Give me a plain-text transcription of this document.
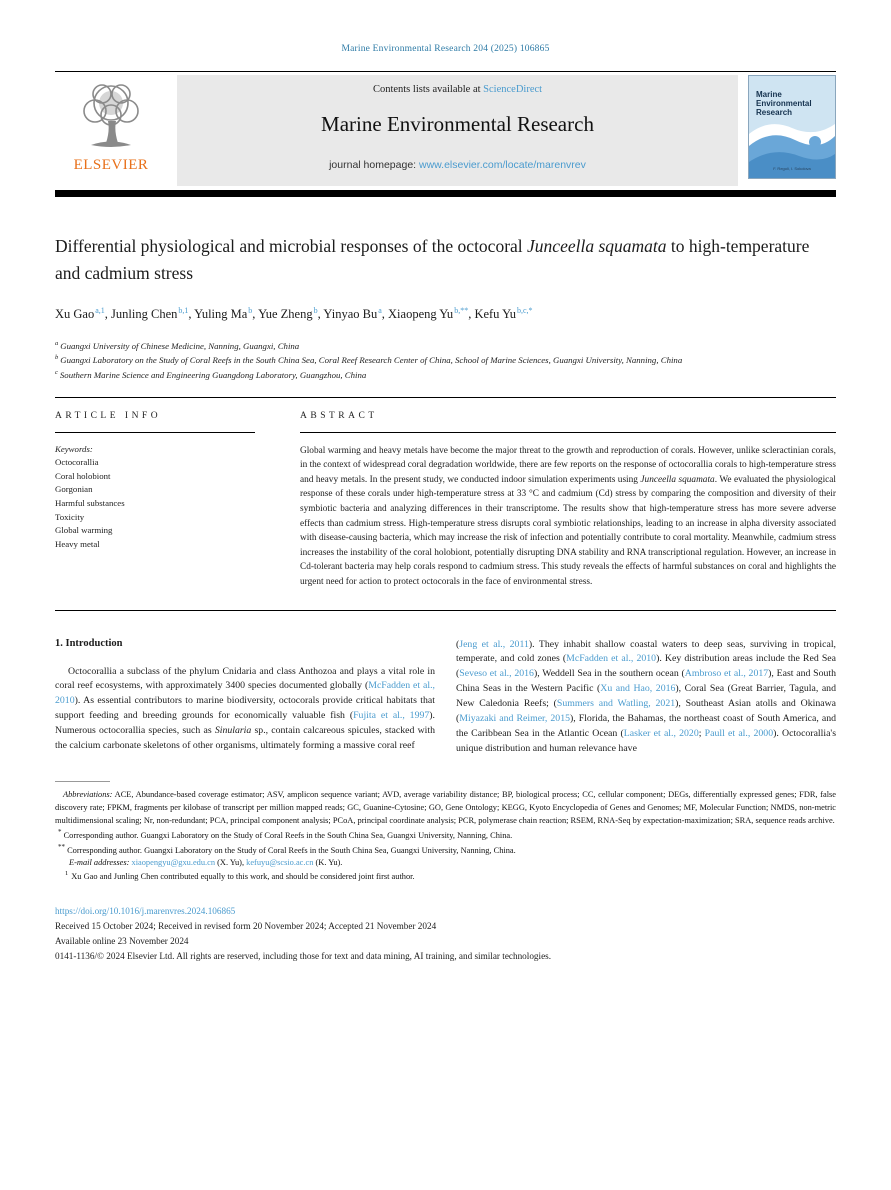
Marine Environmental Research 204 (2025) 106865
ELSEVIER
Contents lists available at ScienceDirect
Marine Environmental Research
journal homepage: www.elsevier.com/locate/marenvrev
Marine
Environmental
Research
F. Regoli, I. Sokolova
Differential physiological and microbial responses of the octocoral Junceella squamata to high-temperature and cadmium stress
Xu Gao$^{a,1}$, Junling Chen$^{b,1}$, Yuling Ma$^b$, Yue Zheng$^b$, Yinyao Bu$^a$, Xiaopeng $Yu^{b,**}$, Kefu $Yu^{b,c,*}$
$^a$ Guangxi University of Chinese Medicine, Nanning, Guangxi, China
$^b$ Guangxi Laboratory on the Study of Coral Reefs in the South China Sea, Coral Reef Research Center of China, School of Marine Sciences, Guangxi University, Nanning, China
$^c$ Southern Marine Science and Engineering Guangdong Laboratory, Guangzhou, China
ARTICLE INFO
Keywords:
Octocorallia
Coral holobiont
Gorgonian
Harmful substances
Toxicity
Global warming
Heavy metal
ABSTRACT
Global warming and heavy metals have become the major threat to the growth and reproduction of corals. However, unlike scleractinian corals, in the context of widespread coral degradation worldwide, there are few reports on the response of octocorallia corals to high-temperature stress and heavy metals. In the present study, we conducted indoor simulation experiments using Junceella squamata. We evaluated the physiological response of these corals under high-temperature stress at 33 °C and cadmium (Cd) stress by comparing the composition and diversity of their symbiotic bacteria and analyzing differences in their transcriptome. The results show that high-temperature stress has more severe adverse effects than cadmium stress. High-temperature stress disrupts coral symbiotic relationships, leading to an increase in alpha diversity associated with disease-causing bacteria, which may increase the risk of infection and potentially contribute to coral mortality. Meanwhile, cadmium stress increases the instability of the coral holobiont, potentially disrupting DNA stability and RNA transcriptional regulation. However, an increase in Cd-tolerant bacteria may help corals respond to cadmium stress. This study reveals the effects of harmful substances on coral and highlights the urgent need for action to protect octocorals in the face of environmental stress.
1. Introduction

Octocorallia a subclass of the phylum Cnidaria and class Anthozoa and plays a vital role in coral reef ecosystems, with approximately 3400 species documented globally (McFadden et al., 2010). As essential contributors to marine biodiversity, octocorals provide critical habitats that support feeding and breeding grounds for economically valuable fish (Fujita et al., 1997). Numerous octocorallia species, such as Sinularia sp., contain calcareous spicules, stacked with the calcium carbonate skeletons of other organisms, ultimately forming a massive coral reef

(Jeng et al., 2011). They inhabit shallow coastal waters to deep seas, surviving in tropical, temperate, and cold zones (McFadden et al., 2010). Key distribution areas include the Red Sea (Seveso et al., 2016), Weddell Sea in the southern ocean (Ambroso et al., 2017), East and South China Seas in the Western Pacific (Xu and Hao, 2016), Coral Sea (Great Barrier, Tagula, and New Caledonia Reefs; (Summers and Watling, 2021), Southeast Asian atolls and Okinawa (Miyazaki and Reimer, 2015), Florida, the Bahamas, the northeast coast of South America, and the Caribbean Sea in the Atlantic Ocean (Lasker et al., 2020; Paull et al., 2000). Octocorallia's unique distribution and human relevance have

Abbreviations: ACE, Abundance-based coverage estimator; ASV, amplicon sequence variant; AVD, average variability distance; BP, biological process; CC, cellular component; DEGs, differentially expressed genes; FDR, false discovery rate; FPKM, fragments per kilobase of transcript per million mapped reads; GC, Guanine-Cytosine; GO, Gene Ontology; KEGG, Kyoto Encyclopedia of Genes and Genomes; MF, Molecular Function; NMDS, non-metric multidimensional scaling; Nr, non-redundant; PCA, principal component analysis; PCoA, principal coordinate analysis; PCR, polymerase chain reaction; RSEM, RNA-Seq by expectation-maximization; SRA, sequence reads archive.

* Corresponding author. Guangxi Laboratory on the Study of Coral Reefs in the South China Sea, Guangxi University, Nanning, China.

** Corresponding author. Guangxi Laboratory on the Study of Coral Reefs in the South China Sea, Guangxi University, Nanning, China.

E-mail addresses: xiaopengyu@gxu.edu.cn (X. Yu), kefuyu@scsio.ac.cn (K. Yu).

$^1$ Xu Gao and Junling Chen contributed equally to this work, and should be considered joint first author.

https://doi.org/10.1016/j.marenvres.2024.106865
Received 15 October 2024; Received in revised form 20 November 2024; Accepted 21 November 2024
Available online 23 November 2024
0141-1136/© 2024 Elsevier Ltd. All rights are reserved, including those for text and data mining, AI training, and similar technologies.
